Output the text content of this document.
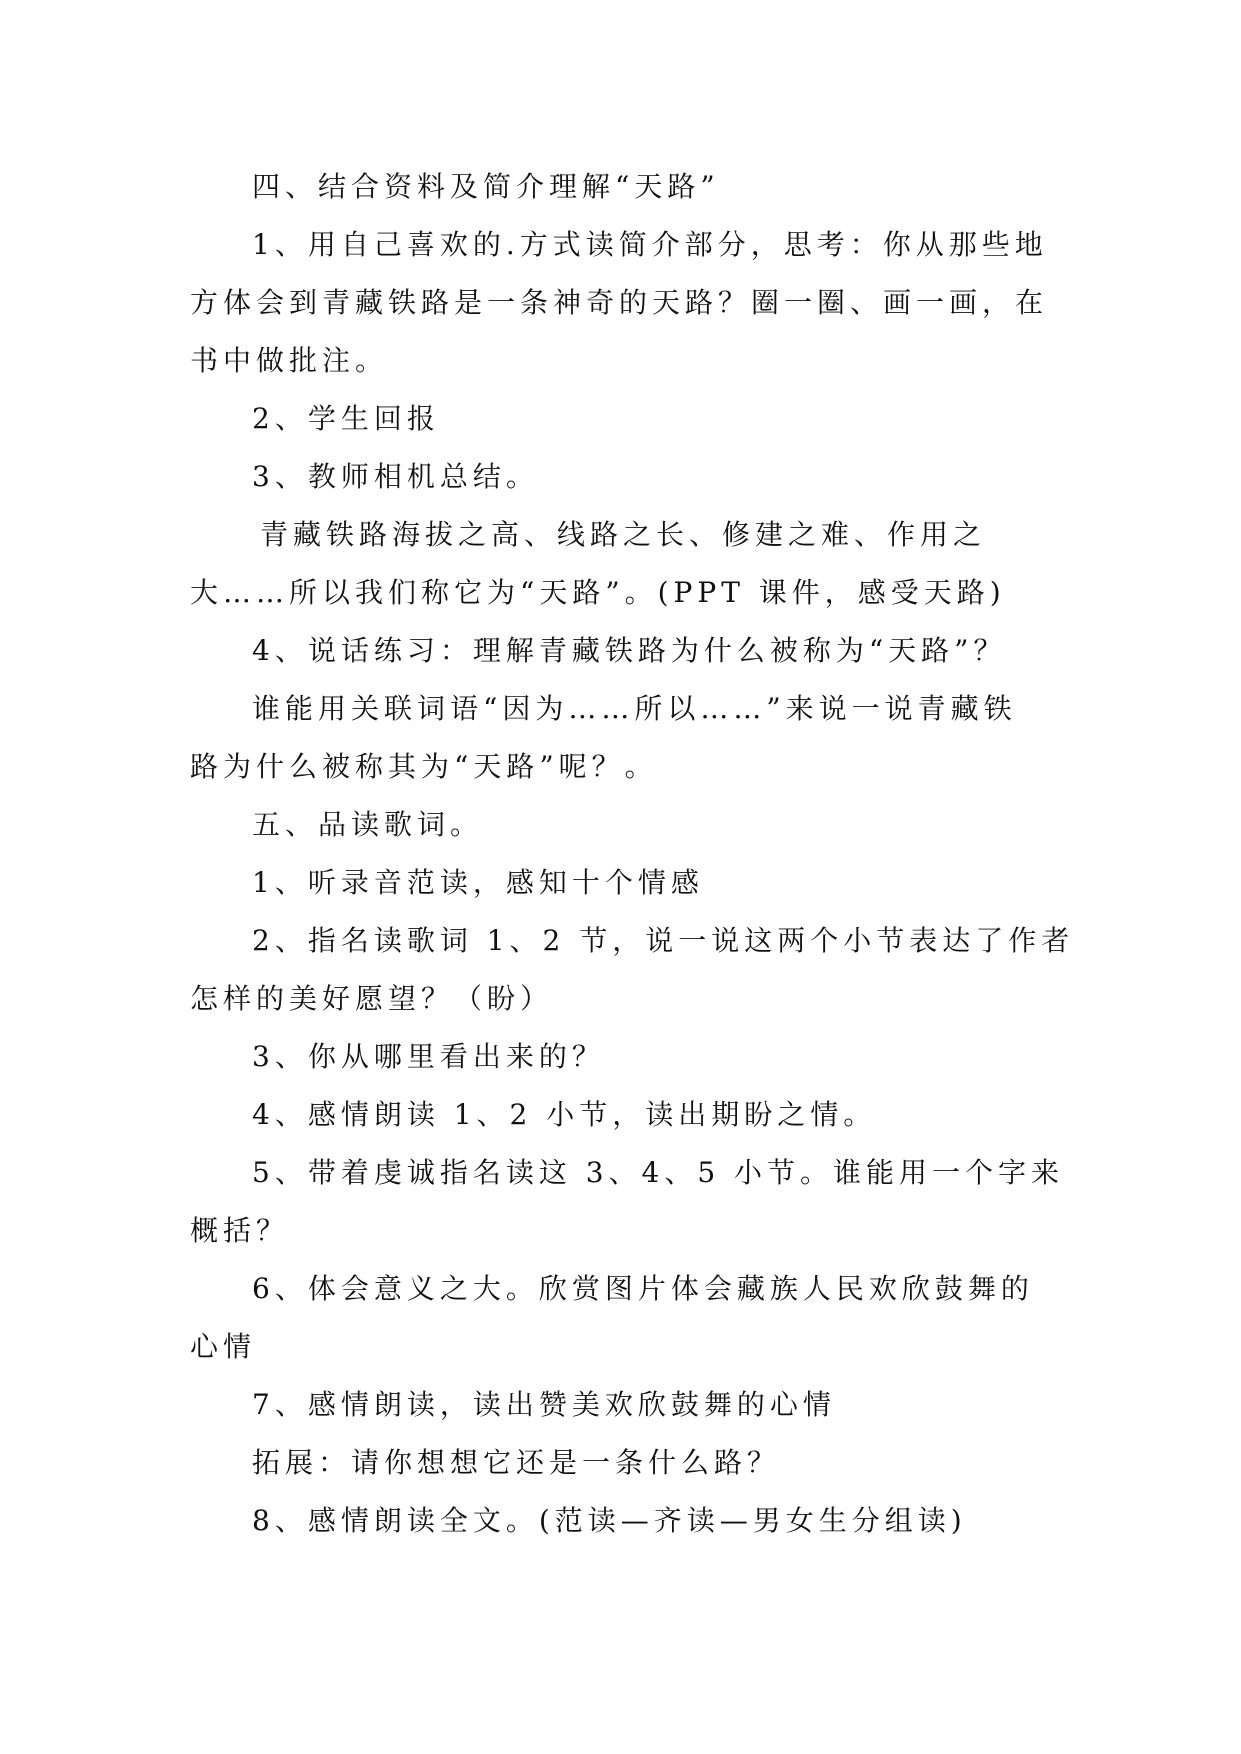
四、结合资料及简介理解“天路”
1、用自己喜欢的.方式读简介部分，思考：你从那些地
方体会到青藏铁路是一条神奇的天路？圈一圈、画一画，在
书中做批注。
2、学生回报
3、教师相机总结。
青藏铁路海拔之高、线路之长、修建之难、作用之
大……所以我们称它为“天路”。(PPT 课件，感受天路)
4、说话练习：理解青藏铁路为什么被称为“天路”？
谁能用关联词语“因为……所以……”来说一说青藏铁
路为什么被称其为“天路”呢？。
五、品读歌词。
1、听录音范读，感知十个情感
2、指名读歌词 1、2 节，说一说这两个小节表达了作者
怎样的美好愿望？（盼）
3、你从哪里看出来的？
4、感情朗读 1、2 小节，读出期盼之情。
5、带着虔诚指名读这 3、4、5 小节。谁能用一个字来
概括？
6、体会意义之大。欣赏图片体会藏族人民欢欣鼓舞的
心情
7、感情朗读，读出赞美欢欣鼓舞的心情
拓展：请你想想它还是一条什么路？
8、感情朗读全文。(范读—齐读—男女生分组读)
